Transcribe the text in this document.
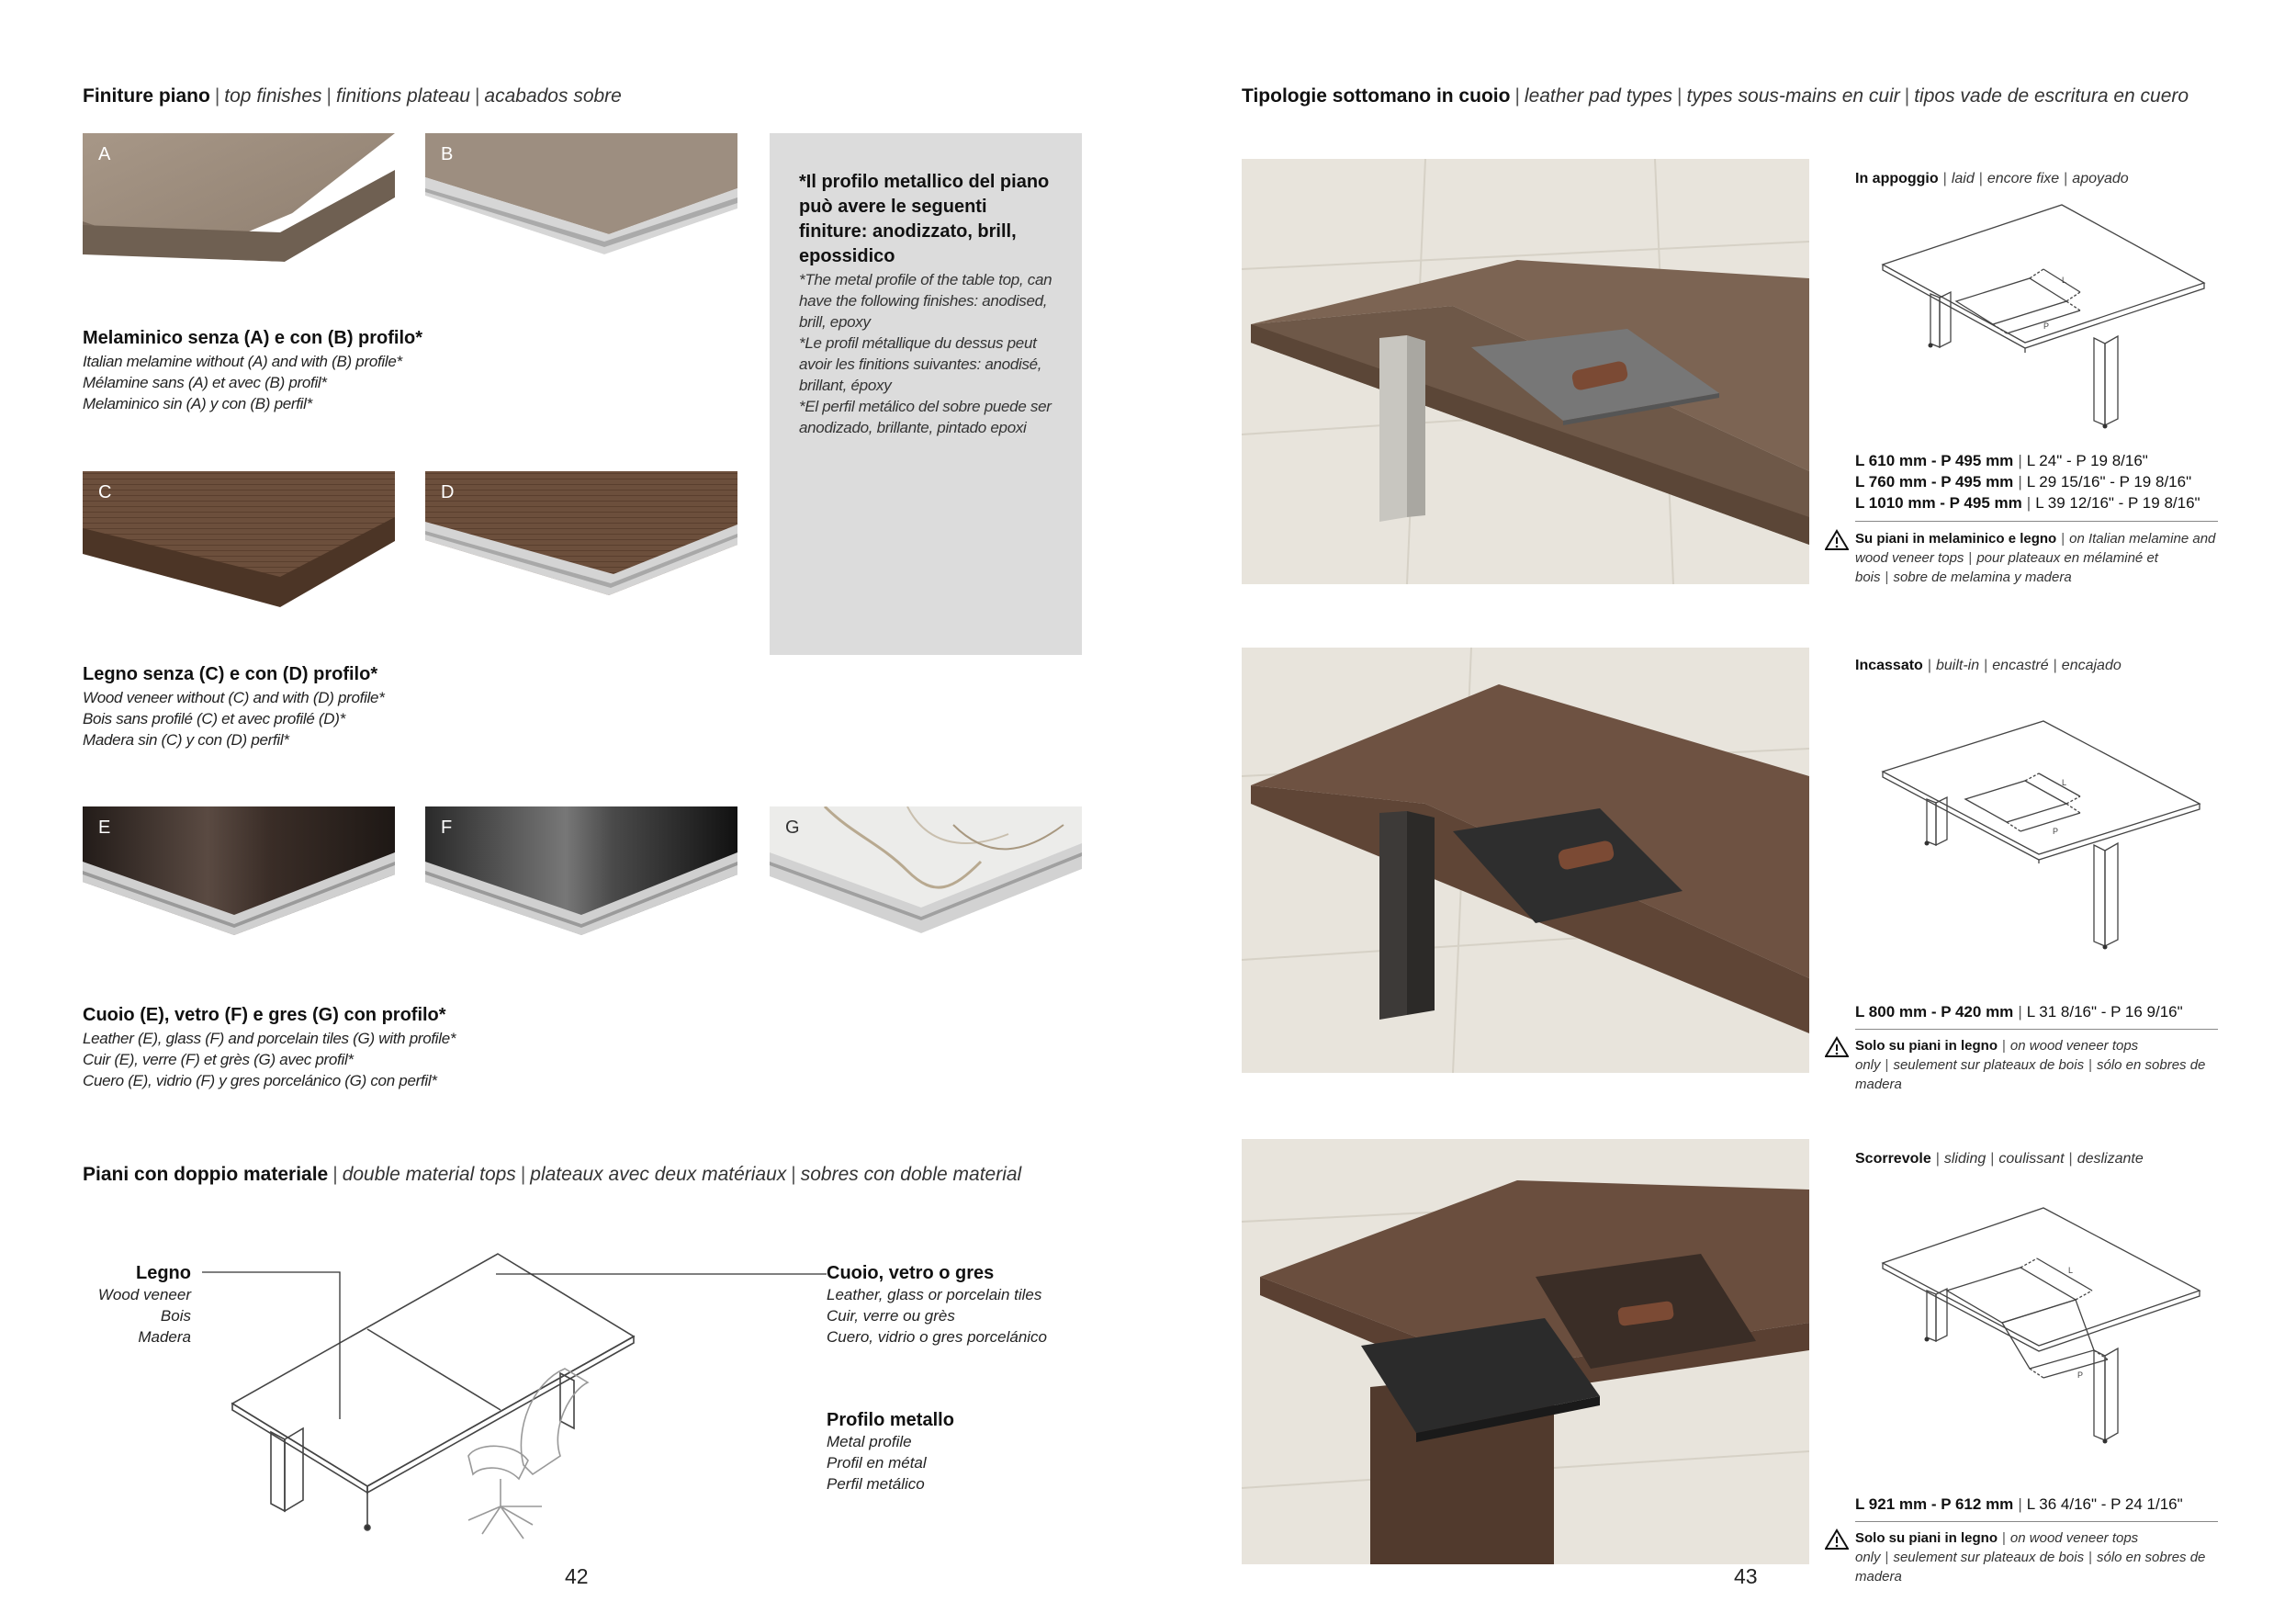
Finiture piano | top finishes | finitions plateau | acabados sobre
A	B
Melaminico senza (A) e con (B) profilo*
Italian melamine without (A) and with (B) profile*
Mélamine sans (A) et avec (B) profil*
Melaminico sin (A) y con (B) perfil*
*Il profilo metallico del piano può avere le seguenti finiture: anodizzato, brill, epossidico
*The metal profile of the table top, can have the following finishes: anodised, brill, epoxy
*Le profil métallique du dessus peut avoir les finitions suivantes: anodisé, brillant, époxy
*El perfil metálico del sobre puede ser anodizado, brillante, pintado epoxi
C	D
Legno senza (C) e con (D) profilo*
Wood veneer without (C) and with (D) profile*
Bois sans profilé (C) et avec profilé (D)*
Madera sin (C) y con (D) perfil*
E	F	G
Cuoio (E), vetro (F) e gres (G) con profilo*
Leather (E), glass (F) and porcelain tiles (G) with profile*
Cuir (E), verre (F) et grès (G) avec profil*
Cuero (E), vidrio (F) y gres porcelánico (G) con perfil*
Piani con doppio materiale | double material tops | plateaux avec deux matériaux | sobres con doble material
Legno
Wood veneer
Bois
Madera
Cuoio, vetro o gres
Leather, glass or porcelain tiles
Cuir, verre ou grès
Cuero, vidrio o gres porcelánico
Profilo metallo
Metal profile
Profil en métal
Perfil metálico
42
Tipologie sottomano in cuoio | leather pad types | types sous-mains en cuir | tipos vade de escritura en cuero
In appoggio | laid | encore fixe | apoyado
L
P
L 610 mm - P 495 mm | L 24" - P 19 8/16"
L 760 mm - P 495 mm | L 29 15/16" - P 19 8/16"
L 1010 mm - P 495 mm | L 39 12/16" - P 19 8/16"
Su piani in melaminico e legno | on Italian melamine and wood veneer tops | pour plateaux en mélaminé et bois | sobre de melamina y madera
Incassato | built-in | encastré | encajado
L
P
L 800 mm - P 420 mm | L 31 8/16" - P 16 9/16"
Solo su piani in legno | on wood veneer tops only | seulement sur plateaux de bois | sólo en sobres de madera
Scorrevole | sliding | coulissant | deslizante
L
P
L 921 mm - P 612 mm | L 36 4/16" - P 24 1/16"
Solo su piani in legno | on wood veneer tops only | seulement sur plateaux de bois | sólo en sobres de madera
43
